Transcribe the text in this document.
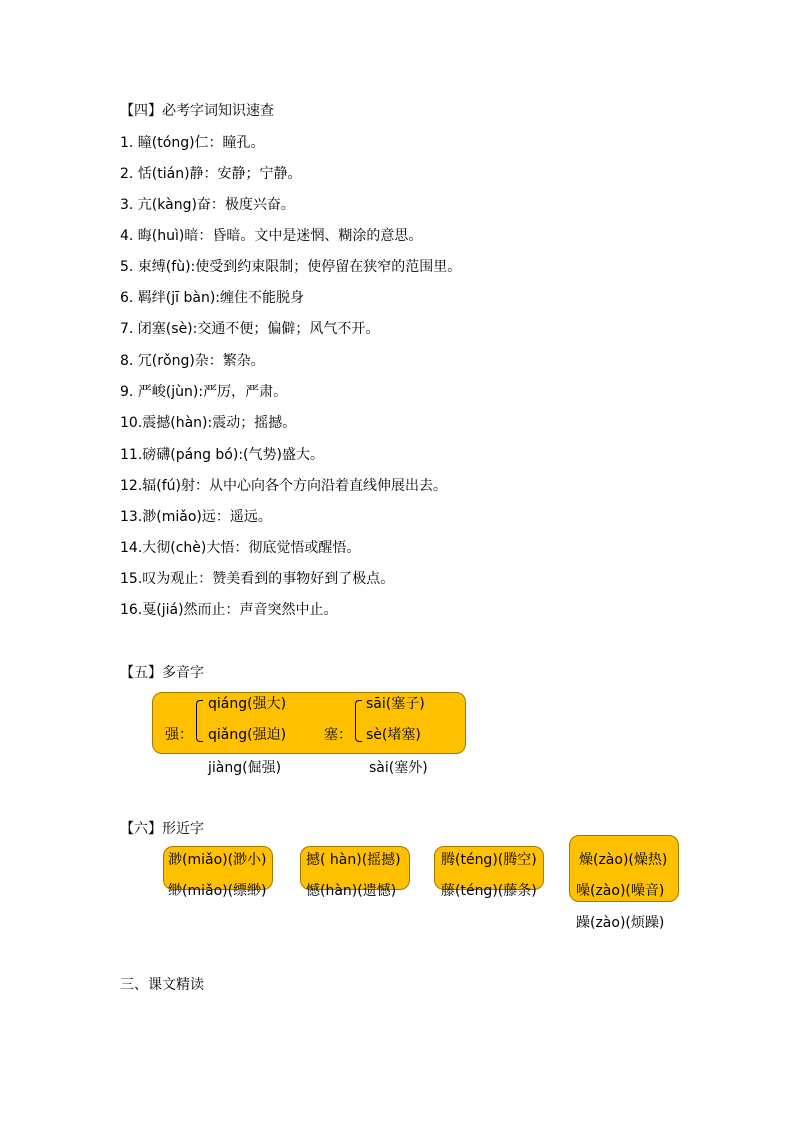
【四】必考字词知识速查
1. 瞳(tóng)仁：瞳孔。
2. 恬(tián)静：安静；宁静。
3. 亢(kàng)奋：极度兴奋。
4. 晦(huì)暗：昏暗。文中是迷惘、糊涂的意思。
5. 束缚(fù):使受到约束限制；使停留在狭窄的范围里。
6. 羁绊(jī bàn):缠住不能脱身
7. 闭塞(sè):交通不便；偏僻；风气不开。
8. 冗(rǒng)杂：繁杂。
9. 严峻(jùn):严厉，严肃。
10.震撼(hàn):震动；摇撼。
11.磅礴(páng bó):(气势)盛大。
12.辐(fú)射：从中心向各个方向沿着直线伸展出去。
13.渺(miǎo)远：遥远。
14.大彻(chè)大悟：彻底觉悟或醒悟。
15.叹为观止：赞美看到的事物好到了极点。
16.戛(jiá)然而止：声音突然中止。
【五】多音字
强：
qiáng(强大)
qiǎng(强迫)
jiàng(倔强)
塞：
sāi(塞子)
sè(堵塞)
sài(塞外)
【六】形近字
渺(miǎo)(渺小)
缈(miǎo)(缥缈)
撼( hàn)(摇撼)
憾(hàn)(遗憾)
腾(téng)(腾空)
藤(téng)(藤条)
燥(zào)(燥热)
噪(zào)(噪音)
躁(zào)(烦躁)
三、课文精读
